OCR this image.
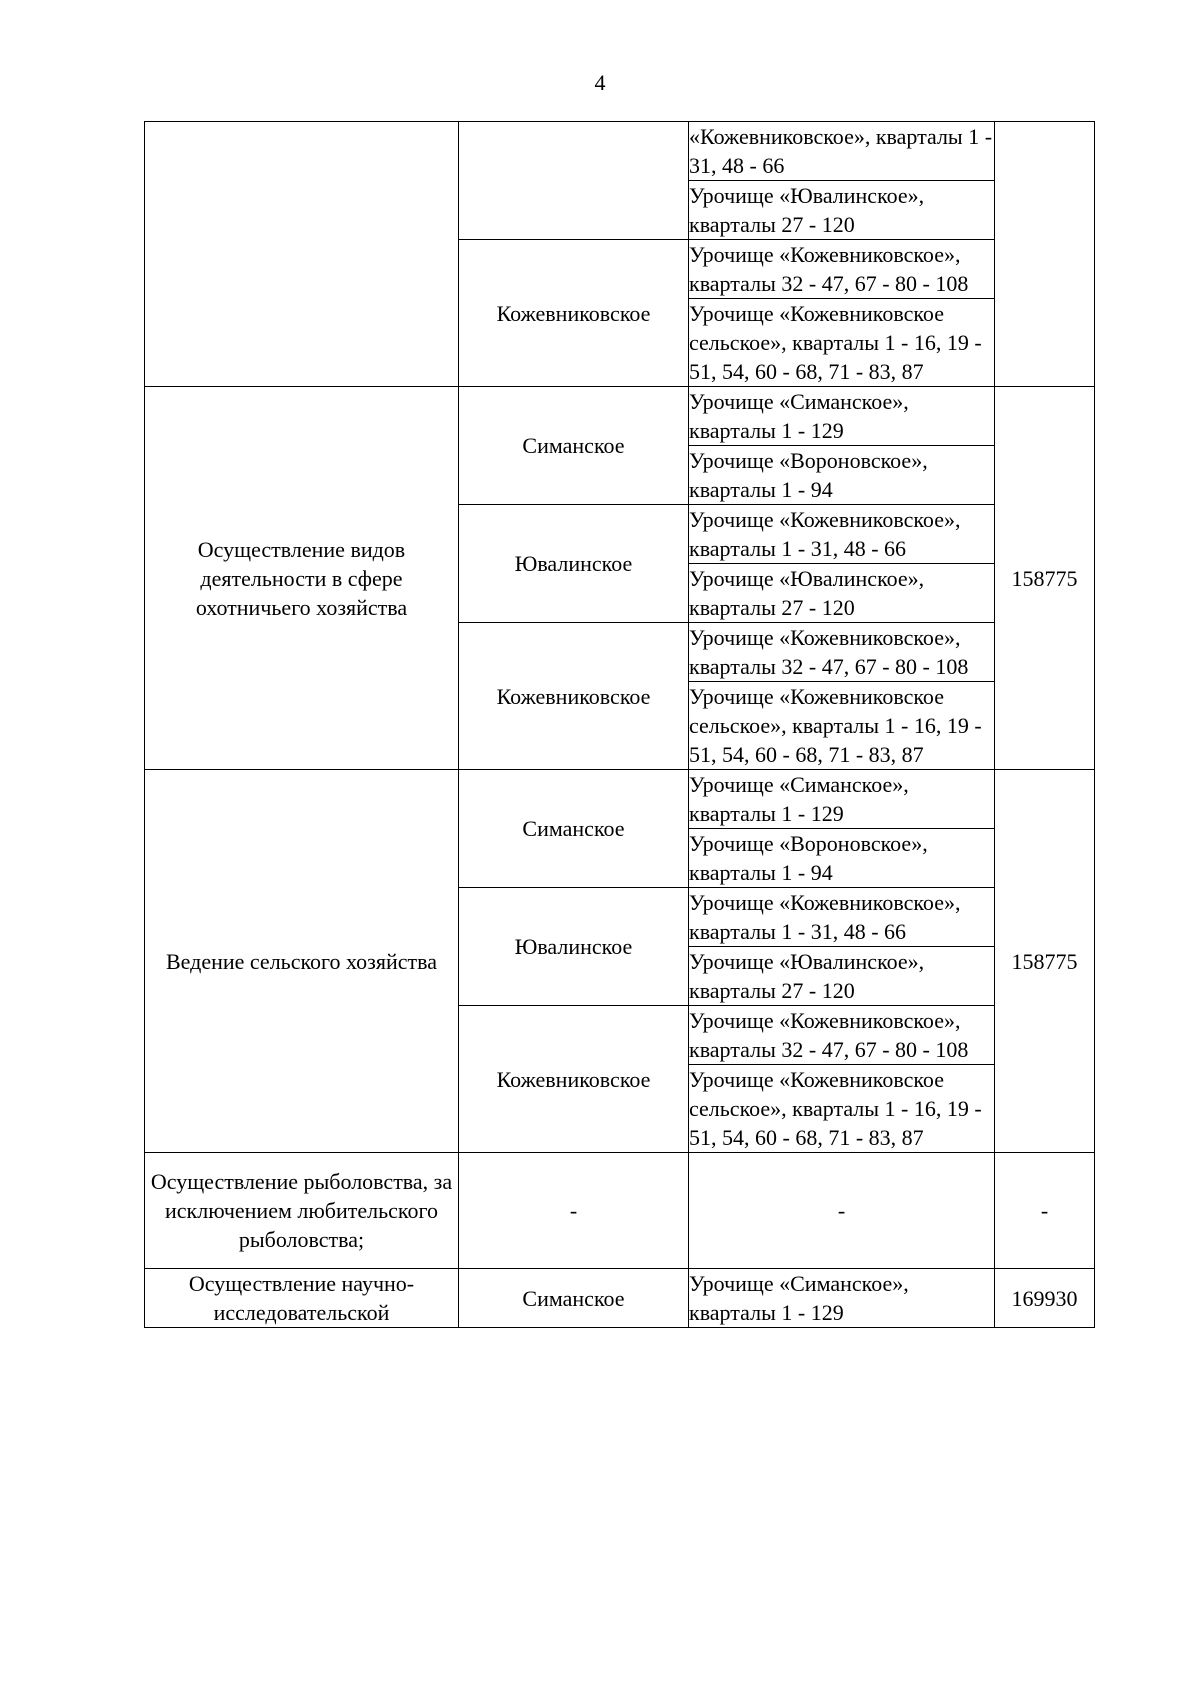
4
		«Кожевниковское», кварталы 1 - 31, 48 - 66	
		Урочище «Ювалинское», кварталы 27 - 120	
	Кожевниковское	Урочище «Кожевниковское», кварталы 32 - 47, 67 - 80 - 108	
		Урочище «Кожевниковское сельское», кварталы 1 - 16, 19 - 51, 54, 60 - 68, 71 - 83, 87	
Осуществление видов деятельности в сфере охотничьего хозяйства	Симанское	Урочище «Симанское», кварталы 1 - 129	158775
		Урочище «Вороновское», кварталы 1 - 94	
	Ювалинское	Урочище «Кожевниковское», кварталы 1 - 31, 48 - 66	
		Урочище «Ювалинское», кварталы 27 - 120	
	Кожевниковское	Урочище «Кожевниковское», кварталы 32 - 47, 67 - 80 - 108	
		Урочище «Кожевниковское сельское», кварталы 1 - 16, 19 - 51, 54, 60 - 68, 71 - 83, 87	
Ведение сельского хозяйства	Симанское	Урочище «Симанское», кварталы 1 - 129	158775
		Урочище «Вороновское», кварталы 1 - 94	
	Ювалинское	Урочище «Кожевниковское», кварталы 1 - 31, 48 - 66	
		Урочище «Ювалинское», кварталы 27 - 120	
	Кожевниковское	Урочище «Кожевниковское», кварталы 32 - 47, 67 - 80 - 108	
		Урочище «Кожевниковское сельское», кварталы 1 - 16, 19 - 51, 54, 60 - 68, 71 - 83, 87	
Осуществление рыболовства, за исключением любительского рыболовства;	-	-	-
Осуществление научно-исследовательской	Симанское	Урочище «Симанское», кварталы 1 - 129	169930
